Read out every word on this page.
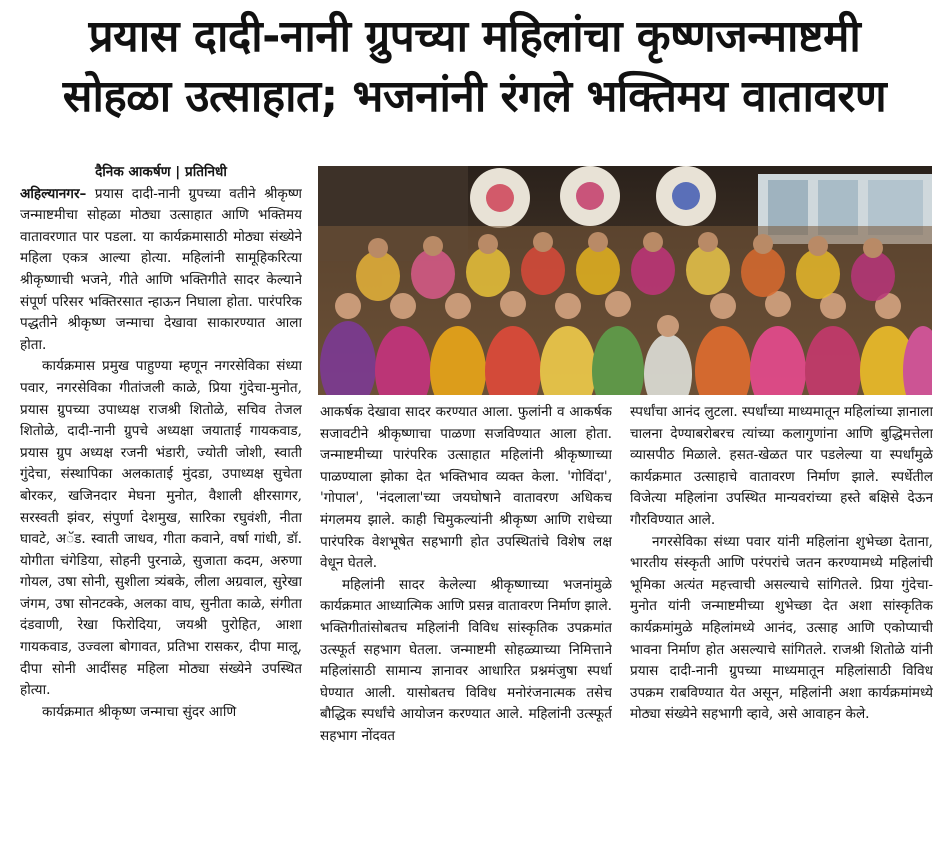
प्रयास दादी-नानी ग्रुपच्या महिलांचा कृष्णजन्माष्टमी
सोहळा उत्साहात; भजनांनी रंगले भक्तिमय वातावरण
दैनिक आकर्षण | प्रतिनिधी

अहिल्यानगर– प्रयास दादी-नानी ग्रुपच्या वतीने श्रीकृष्ण जन्माष्टमीचा सोहळा मोठ्या उत्साहात आणि भक्तिमय वातावरणात पार पडला. या कार्यक्रमासाठी मोठ्या संख्येने महिला एकत्र आल्या होत्या. महिलांनी सामूहिकरित्या श्रीकृष्णाची भजने, गीते आणि भक्तिगीते सादर केल्याने संपूर्ण परिसर भक्तिरसात न्हाऊन निघाला होता. पारंपरिक पद्धतीने श्रीकृष्ण जन्माचा देखावा साकारण्यात आला होता.

कार्यक्रमास प्रमुख पाहुण्या म्हणून नगरसेविका संध्या पवार, नगरसेविका गीतांजली काळे, प्रिया गुंदेचा-मुनोत, प्रयास ग्रुपच्या उपाध्यक्ष राजश्री शितोळे, सचिव तेजल शितोळे, दादी-नानी ग्रुपचे अध्यक्षा जयाताई गायकवाड, प्रयास ग्रुप अध्यक्ष रजनी भंडारी, ज्योती जोशी, स्वाती गुंदेचा, संस्थापिका अलकाताई मुंदडा, उपाध्यक्ष सुचेता बोरकर, खजिनदार मेघना मुनोत, वैशाली क्षीरसागर, सरस्वती झंवर, संपुर्णा देशमुख, सारिका रघुवंशी, नीता घावटे, अॅड. स्वाती जाधव, गीता कवाने, वर्षा गांधी, डॉ. योगीता चंगेडिया, सोहनी पुरनाळे, सुजाता कदम, अरुणा गोयल, उषा सोनी, सुशीला त्र्यंबके, लीला अग्रवाल, सुरेखा जंगम, उषा सोनटक्के, अलका वाघ, सुनीता काळे, संगीता दंडवाणी, रेखा फिरोदिया, जयश्री पुरोहित, आशा गायकवाड, उज्वला बोगावत, प्रतिभा रासकर, दीपा मालू, दीपा सोनी आदींसह महिला मोठ्या संख्येने उपस्थित होत्या.

कार्यक्रमात श्रीकृष्ण जन्माचा सुंदर आणि

आकर्षक देखावा सादर करण्यात आला. फुलांनी व आकर्षक सजावटीने श्रीकृष्णाचा पाळणा सजविण्यात आला होता. जन्माष्टमीच्या पारंपरिक उत्साहात महिलांनी श्रीकृष्णाच्या पाळण्याला झोका देत भक्तिभाव व्यक्त केला. 'गोविंदा', 'गोपाल', 'नंदलाला'च्या जयघोषाने वातावरण अधिकच मंगलमय झाले. काही चिमुकल्यांनी श्रीकृष्ण आणि राधेच्या पारंपरिक वेशभूषेत सहभागी होत उपस्थितांचे विशेष लक्ष वेधून घेतले.

महिलांनी सादर केलेल्या श्रीकृष्णाच्या भजनांमुळे कार्यक्रमात आध्यात्मिक आणि प्रसन्न वातावरण निर्माण झाले. भक्तिगीतांसोबतच महिलांनी विविध सांस्कृतिक उपक्रमांत उत्स्फूर्त सहभाग घेतला. जन्माष्टमी सोहळ्याच्या निमित्ताने महिलांसाठी सामान्य ज्ञानावर आधारित प्रश्नमंजुषा स्पर्धा घेण्यात आली. यासोबतच विविध मनोरंजनात्मक तसेच बौद्धिक स्पर्धांचे आयोजन करण्यात आले. महिलांनी उत्स्फूर्त सहभाग नोंदवत

स्पर्धांचा आनंद लुटला. स्पर्धांच्या माध्यमातून महिलांच्या ज्ञानाला चालना देण्याबरोबरच त्यांच्या कलागुणांना आणि बुद्धिमत्तेला व्यासपीठ मिळाले. हसत-खेळत पार पडलेल्या या स्पर्धांमुळे कार्यक्रमात उत्साहाचे वातावरण निर्माण झाले. स्पर्धेतील विजेत्या महिलांना उपस्थित मान्यवरांच्या हस्ते बक्षिसे देऊन गौरविण्यात आले.

नगरसेविका संध्या पवार यांनी महिलांना शुभेच्छा देताना, भारतीय संस्कृती आणि परंपरांचे जतन करण्यामध्ये महिलांची भूमिका अत्यंत महत्त्वाची असल्याचे सांगितले. प्रिया गुंदेचा-मुनोत यांनी जन्माष्टमीच्या शुभेच्छा देत अशा सांस्कृतिक कार्यक्रमांमुळे महिलांमध्ये आनंद, उत्साह आणि एकोप्याची भावना निर्माण होत असल्याचे सांगितले. राजश्री शितोळे यांनी प्रयास दादी-नानी ग्रुपच्या माध्यमातून महिलांसाठी विविध उपक्रम राबविण्यात येत असून, महिलांनी अशा कार्यक्रमांमध्ये मोठ्या संख्येने सहभागी व्हावे, असे आवाहन केले.
